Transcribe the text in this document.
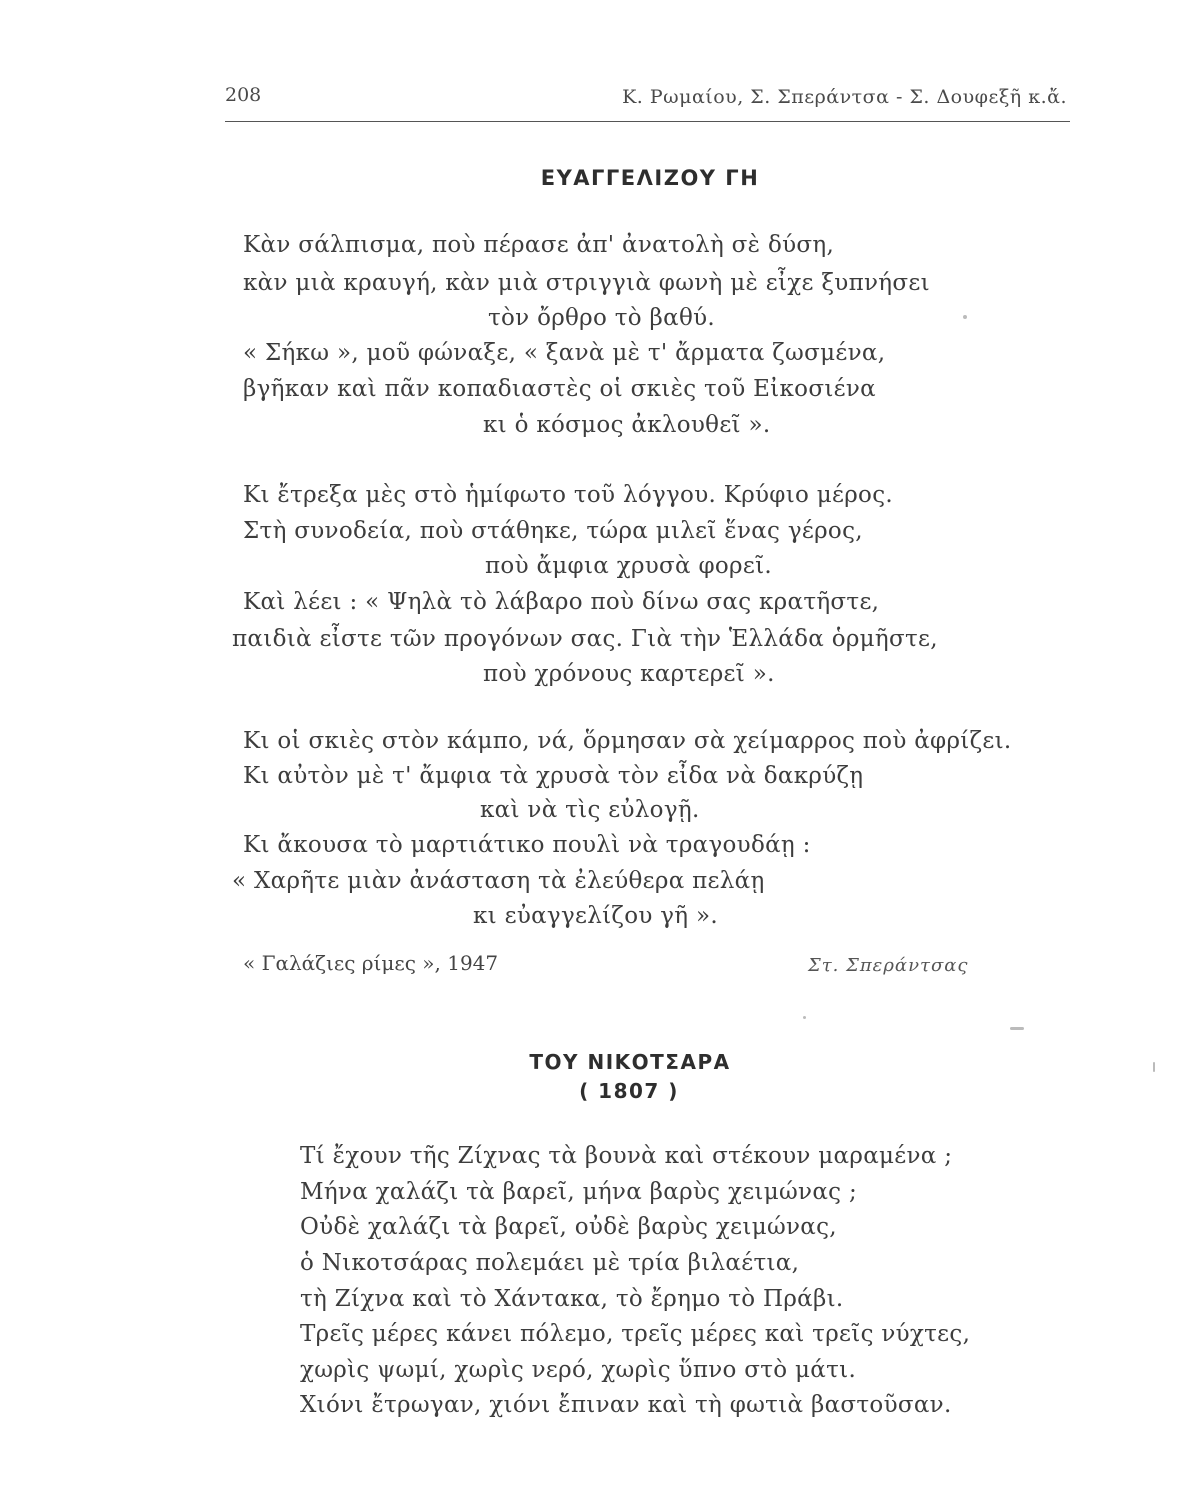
208	Κ. Ρωμαίου, Σ. Σπεράντσα - Σ. Δουφεξῆ κ.ἄ.
ΕΥΑΓΓΕΛΙΖΟΥ ΓΗ
Κὰν σάλπισμα, ποὺ πέρασε ἀπ' ἀνατολὴ σὲ δύση,
κὰν μιὰ κραυγή, κὰν μιὰ στριγγιὰ φωνὴ μὲ εἶχε ξυπνήσει
τὸν ὄρθρο τὸ βαθύ.
« Σήκω », μοῦ φώναξε, « ξανὰ μὲ τ' ἄρματα ζωσμένα,
βγῆκαν καὶ πᾶν κοπαδιαστὲς οἱ σκιὲς τοῦ Εἰκοσιένα
κι ὁ κόσμος ἀκλουθεῖ ».
Κι ἔτρεξα μὲς στὸ ἡμίφωτο τοῦ λόγγου. Κρύφιο μέρος.
Στὴ συνοδεία, ποὺ στάθηκε, τώρα μιλεῖ ἕνας γέρος,
ποὺ ἄμφια χρυσὰ φορεῖ.
Καὶ λέει : « Ψηλὰ τὸ λάβαρο ποὺ δίνω σας κρατῆστε,
παιδιὰ εἶστε τῶν προγόνων σας. Γιὰ τὴν Ἑλλάδα ὁρμῆστε,
ποὺ χρόνους καρτερεῖ ».
Κι οἱ σκιὲς στὸν κάμπο, νά, ὅρμησαν σὰ χείμαρρος ποὺ ἀφρίζει.
Κι αὐτὸν μὲ τ' ἄμφια τὰ χρυσὰ τὸν εἶδα νὰ δακρύζῃ
καὶ νὰ τὶς εὐλογῇ.
Κι ἄκουσα τὸ μαρτιάτικο πουλὶ νὰ τραγουδάῃ :
« Χαρῆτε μιὰν ἀνάσταση τὰ ἐλεύθερα πελάῃ
κι εὐαγγελίζου γῆ ».
« Γαλάζιες ρίμες », 1947	Στ. Σπεράντσας
ΤΟΥ ΝΙΚΟΤΣΑΡΑ
( 1807 )
Τί ἔχουν τῆς Ζίχνας τὰ βουνὰ καὶ στέκουν μαραμένα ;
Μήνα χαλάζι τὰ βαρεῖ, μήνα βαρὺς χειμώνας ;
Οὐδὲ χαλάζι τὰ βαρεῖ, οὐδὲ βαρὺς χειμώνας,
ὁ Νικοτσάρας πολεμάει μὲ τρία βιλαέτια,
τὴ Ζίχνα καὶ τὸ Χάντακα, τὸ ἔρημο τὸ Πράβι.
Τρεῖς μέρες κάνει πόλεμο, τρεῖς μέρες καὶ τρεῖς νύχτες,
χωρὶς ψωμί, χωρὶς νερό, χωρὶς ὕπνο στὸ μάτι.
Χιόνι ἔτρωγαν, χιόνι ἔπιναν καὶ τὴ φωτιὰ βαστοῦσαν.
